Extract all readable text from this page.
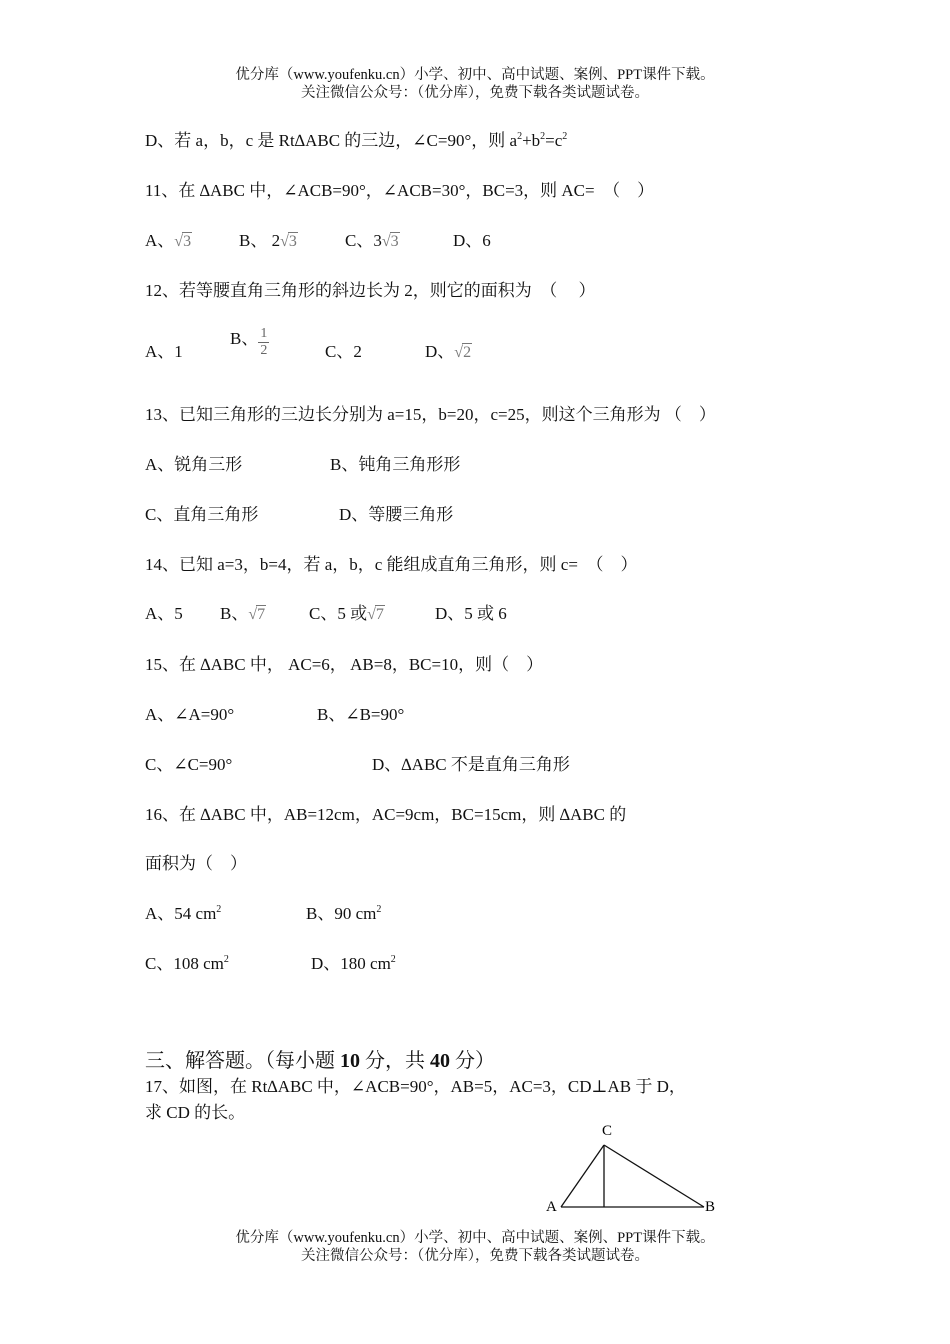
优分库（www.youfenku.cn）小学、初中、高中试题、案例、PPT课件下载。
关注微信公众号：（优分库），免费下载各类试题试卷。
D、若 a，b，c 是 Rt∆ABC 的三边，∠C=90°，则 $a^2+b^2=c^2$
11、在 ∆ABC 中，∠ACB=90°，∠ACB=30°，BC=3，则 AC=　（　）
A、√3	B、 2√3	C、3√3	D、6
12、若等腰直角三角形的斜边长为 2，则它的面积为　（　 ）
A、1
B、 $\frac{1}{2}$	C、2	D、√2
13、已知三角形的三边长分别为 a=15，b=20，c=25，则这个三角形为 （　）
A、锐角三形	B、钝角三角形形
C、直角三角形	D、等腰三角形
14、已知 a=3，b=4，若 a，b，c 能组成直角三角形，则 c=　（　）
A、5 B、√7	C、5 或√7	D、5 或 6
15、在 ∆ABC 中， AC=6， AB=8，BC=10，则（　）
A、∠A=90°	B、∠B=90°
C、∠C=90°	D、∆ABC 不是直角三角形
16、在 ∆ABC 中，AB=12cm，AC=9cm，BC=15cm，则 ∆ABC 的
面积为（　）
A、54 $cm^2$	B、90 $cm^2$
C、108 $cm^2$	D、180 $cm^2$
三、解答题。（每小题 10 分，共 40 分）
17、如图，在 Rt∆ABC 中，∠ACB=90°，AB=5，AC=3，CD⊥AB 于 D，
求 CD 的长。
C
A	B
优分库（www.youfenku.cn）小学、初中、高中试题、案例、PPT课件下载。
关注微信公众号：（优分库），免费下载各类试题试卷。
